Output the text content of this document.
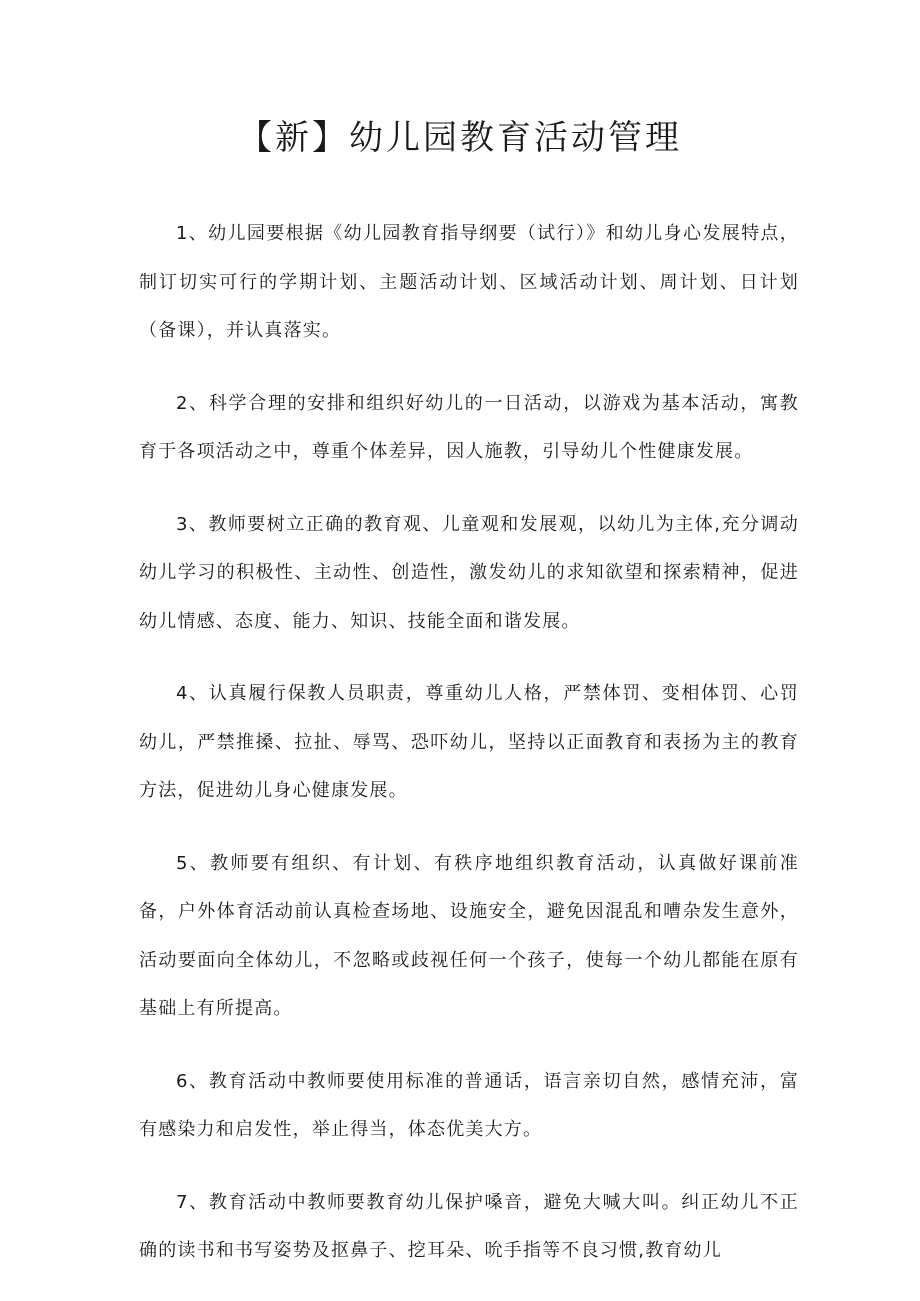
【新】幼儿园教育活动管理

1、幼儿园要根据《幼儿园教育指导纲要（试行）》和幼儿身心发展特点，制订切实可行的学期计划、主题活动计划、区域活动计划、周计划、日计划（备课），并认真落实。

2、科学合理的安排和组织好幼儿的一日活动，以游戏为基本活动，寓教育于各项活动之中，尊重个体差异，因人施教，引导幼儿个性健康发展。

3、教师要树立正确的教育观、儿童观和发展观，以幼儿为主体,充分调动幼儿学习的积极性、主动性、创造性，激发幼儿的求知欲望和探索精神，促进幼儿情感、态度、能力、知识、技能全面和谐发展。

4、认真履行保教人员职责，尊重幼儿人格，严禁体罚、变相体罚、心罚幼儿，严禁推搡、拉扯、辱骂、恐吓幼儿，坚持以正面教育和表扬为主的教育方法，促进幼儿身心健康发展。

5、教师要有组织、有计划、有秩序地组织教育活动，认真做好课前准备，户外体育活动前认真检查场地、设施安全，避免因混乱和嘈杂发生意外，活动要面向全体幼儿，不忽略或歧视任何一个孩子，使每一个幼儿都能在原有基础上有所提高。

6、教育活动中教师要使用标准的普通话，语言亲切自然，感情充沛，富有感染力和启发性，举止得当，体态优美大方。

7、教育活动中教师要教育幼儿保护嗓音，避免大喊大叫。纠正幼儿不正确的读书和书写姿势及抠鼻子、挖耳朵、吮手指等不良习惯,教育幼儿
